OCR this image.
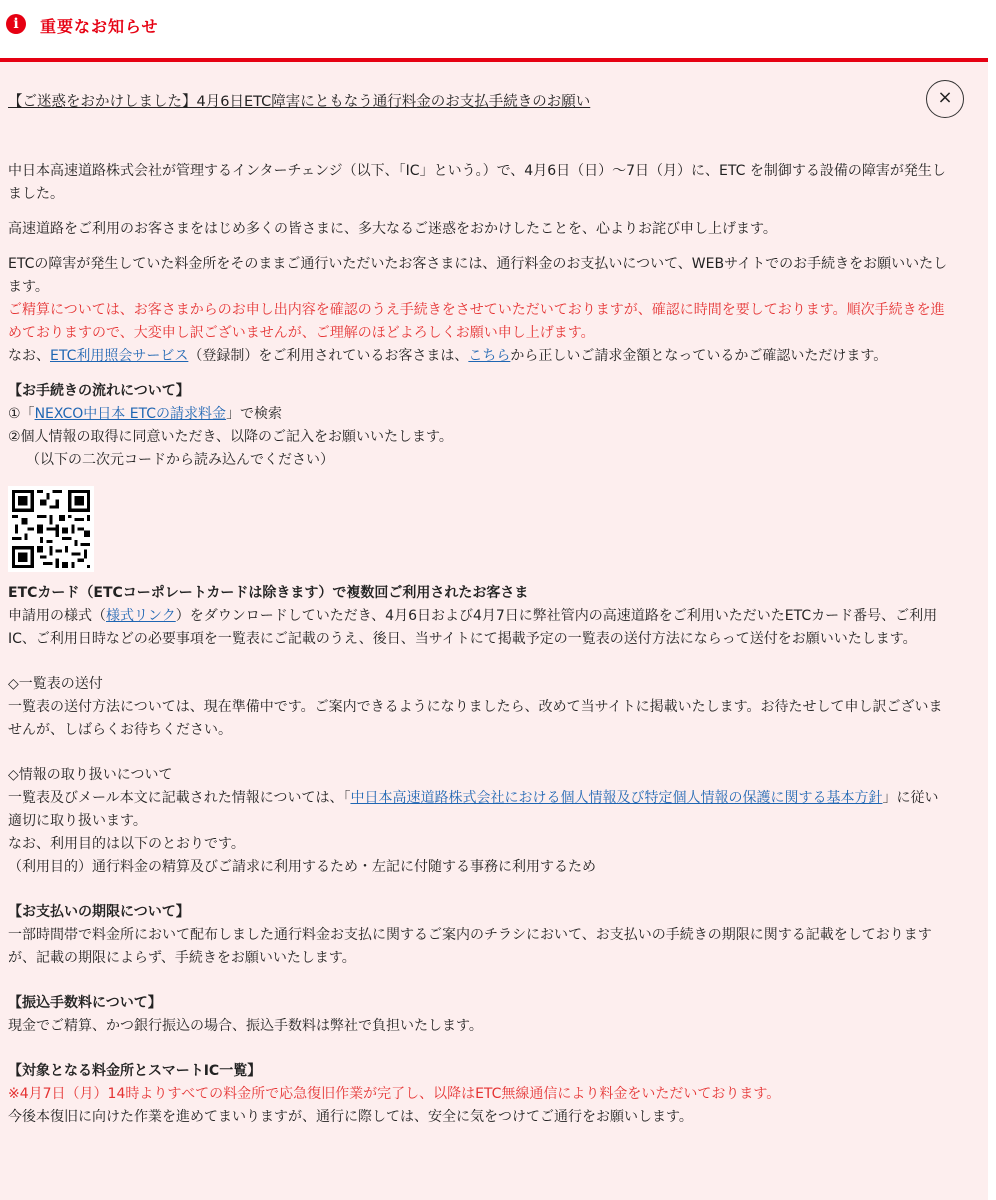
i	重要なお知らせ
【ご迷惑をおかけしました】4月6日ETC障害にともなう通行料金のお支払手続きのお願い	×

中日本高速道路株式会社が管理するインターチェンジ（以下、「IC」という。）で、4月6日（日）〜7日（月）に、ETC を制御する設備の障害が発生しました。

高速道路をご利用のお客さまをはじめ多くの皆さまに、多大なるご迷惑をおかけしたことを、心よりお詫び申し上げます。

ETCの障害が発生していた料金所をそのままご通行いただいたお客さまには、通行料金のお支払いについて、WEBサイトでのお手続きをお願いいたします。

ご精算については、お客さまからのお申し出内容を確認のうえ手続きをさせていただいておりますが、確認に時間を要しております。順次手続きを進めておりますので、大変申し訳ございませんが、ご理解のほどよろしくお願い申し上げます。

なお、ETC利用照会サービス（登録制）をご利用されているお客さまは、こちらから正しいご請求金額となっているかご確認いただけます。

【お手続きの流れについて】

①「NEXCO中日本 ETCの請求料金」で検索

②個人情報の取得に同意いただき、以降のご記入をお願いいたします。

（以下の二次元コードから読み込んでください）

ETCカード（ETCコーポレートカードは除きます）で複数回ご利用されたお客さま

申請用の様式（様式リンク）をダウンロードしていただき、4月6日および4月7日に弊社管内の高速道路をご利用いただいたETCカード番号、ご利用IC、ご利用日時などの必要事項を一覧表にご記載のうえ、後日、当サイトにて掲載予定の一覧表の送付方法にならって送付をお願いいたします。

◇一覧表の送付

一覧表の送付方法については、現在準備中です。ご案内できるようになりましたら、改めて当サイトに掲載いたします。お待たせして申し訳ございませんが、しばらくお待ちください。

◇情報の取り扱いについて

一覧表及びメール本文に記載された情報については、「中日本高速道路株式会社における個人情報及び特定個人情報の保護に関する基本方針」に従い適切に取り扱います。

なお、利用目的は以下のとおりです。

（利用目的）通行料金の精算及びご請求に利用するため・左記に付随する事務に利用するため

【お支払いの期限について】

一部時間帯で料金所において配布しました通行料金お支払に関するご案内のチラシにおいて、お支払いの手続きの期限に関する記載をしておりますが、記載の期限によらず、手続きをお願いいたします。

【振込手数料について】

現金でご精算、かつ銀行振込の場合、振込手数料は弊社で負担いたします。

【対象となる料金所とスマートIC一覧】

※4月7日（月）14時よりすべての料金所で応急復旧作業が完了し、以降はETC無線通信により料金をいただいております。

今後本復旧に向けた作業を進めてまいりますが、通行に際しては、安全に気をつけてご通行をお願いします。
